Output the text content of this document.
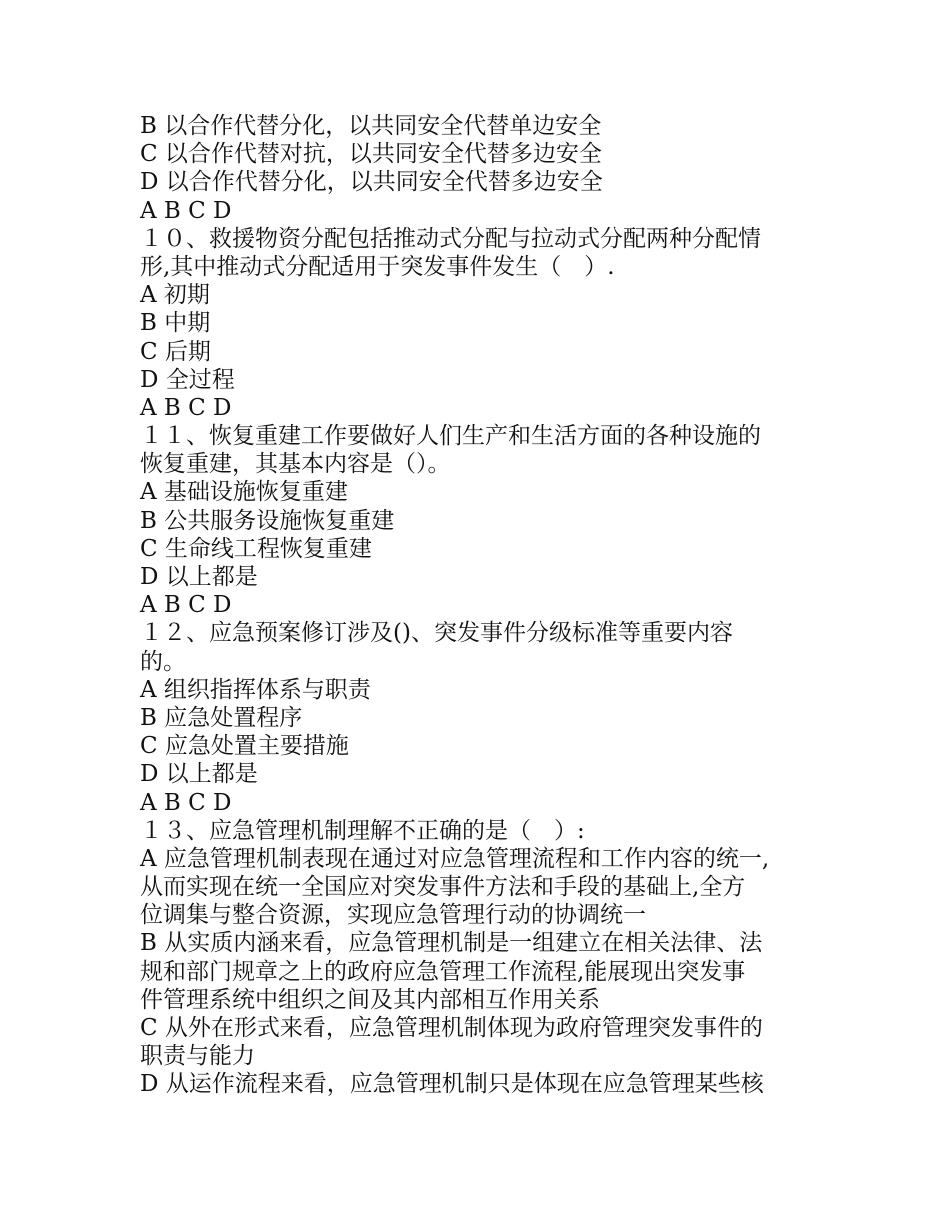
B 以合作代替分化，以共同安全代替单边安全
C 以合作代替对抗，以共同安全代替多边安全
D 以合作代替分化，以共同安全代替多边安全
A B C D
１０、救援物资分配包括推动式分配与拉动式分配两种分配情
形,其中推动式分配适用于突发事件发生（　）.
A 初期
B 中期
C 后期
D 全过程
A B C D
１１、恢复重建工作要做好人们生产和生活方面的各种设施的
恢复重建，其基本内容是（）。
A 基础设施恢复重建
B 公共服务设施恢复重建
C 生命线工程恢复重建
D 以上都是
A B C D
１２、应急预案修订涉及()、突发事件分级标准等重要内容
的。
A 组织指挥体系与职责
B 应急处置程序
C 应急处置主要措施
D 以上都是
A B C D
１３、应急管理机制理解不正确的是（　）:
A 应急管理机制表现在通过对应急管理流程和工作内容的统一,
从而实现在统一全国应对突发事件方法和手段的基础上,全方
位调集与整合资源，实现应急管理行动的协调统一
B 从实质内涵来看，应急管理机制是一组建立在相关法律、法
规和部门规章之上的政府应急管理工作流程,能展现出突发事
件管理系统中组织之间及其内部相互作用关系
C 从外在形式来看，应急管理机制体现为政府管理突发事件的
职责与能力
D 从运作流程来看，应急管理机制只是体现在应急管理某些核
